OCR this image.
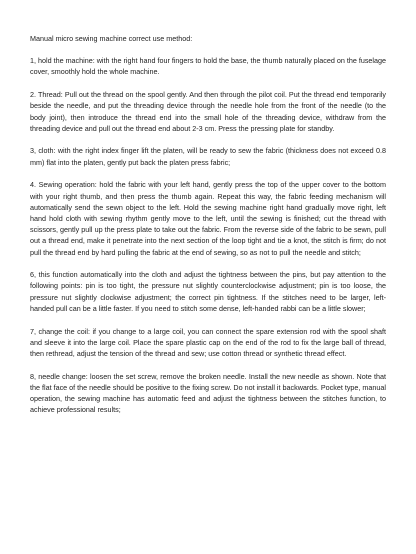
Manual micro sewing machine correct use method:
1, hold the machine: with the right hand four fingers to hold the base, the thumb naturally placed on the fuselage cover, smoothly hold the whole machine.
2. Thread: Pull out the thread on the spool gently. And then through the pilot coil. Put the thread end temporarily beside the needle, and put the threading device through the needle hole from the front of the needle (to the body joint), then introduce the thread end into the small hole of the threading device, withdraw from the threading device and pull out the thread end about 2-3 cm. Press the pressing plate for standby.
3, cloth: with the right index finger lift the platen, will be ready to sew the fabric (thickness does not exceed 0.8 mm) flat into the platen, gently put back the platen press fabric;
4. Sewing operation: hold the fabric with your left hand, gently press the top of the upper cover to the bottom with your right thumb, and then press the thumb again. Repeat this way, the fabric feeding mechanism will automatically send the sewn object to the left. Hold the sewing machine right hand gradually move right, left hand hold cloth with sewing rhythm gently move to the left, until the sewing is finished; cut the thread with scissors, gently pull up the press plate to take out the fabric. From the reverse side of the fabric to be sewn, pull out a thread end, make it penetrate into the next section of the loop tight and tie a knot, the stitch is firm; do not pull the thread end by hard pulling the fabric at the end of sewing, so as not to pull the needle and stitch;
6, this function automatically into the cloth and adjust the tightness between the pins, but pay attention to the following points: pin is too tight, the pressure nut slightly counterclockwise adjustment; pin is too loose, the pressure nut slightly clockwise adjustment; the correct pin tightness. If the stitches need to be larger, left-handed pull can be a little faster. If you need to stitch some dense, left-handed rabbi can be a little slower;
7, change the coil: if you change to a large coil, you can connect the spare extension rod with the spool shaft and sleeve it into the large coil. Place the spare plastic cap on the end of the rod to fix the large ball of thread, then rethread, adjust the tension of the thread and sew; use cotton thread or synthetic thread effect.
8, needle change: loosen the set screw, remove the broken needle. Install the new needle as shown. Note that the flat face of the needle should be positive to the fixing screw. Do not install it backwards. Pocket type, manual operation, the sewing machine has automatic feed and adjust the tightness between the stitches function, to achieve professional results;
